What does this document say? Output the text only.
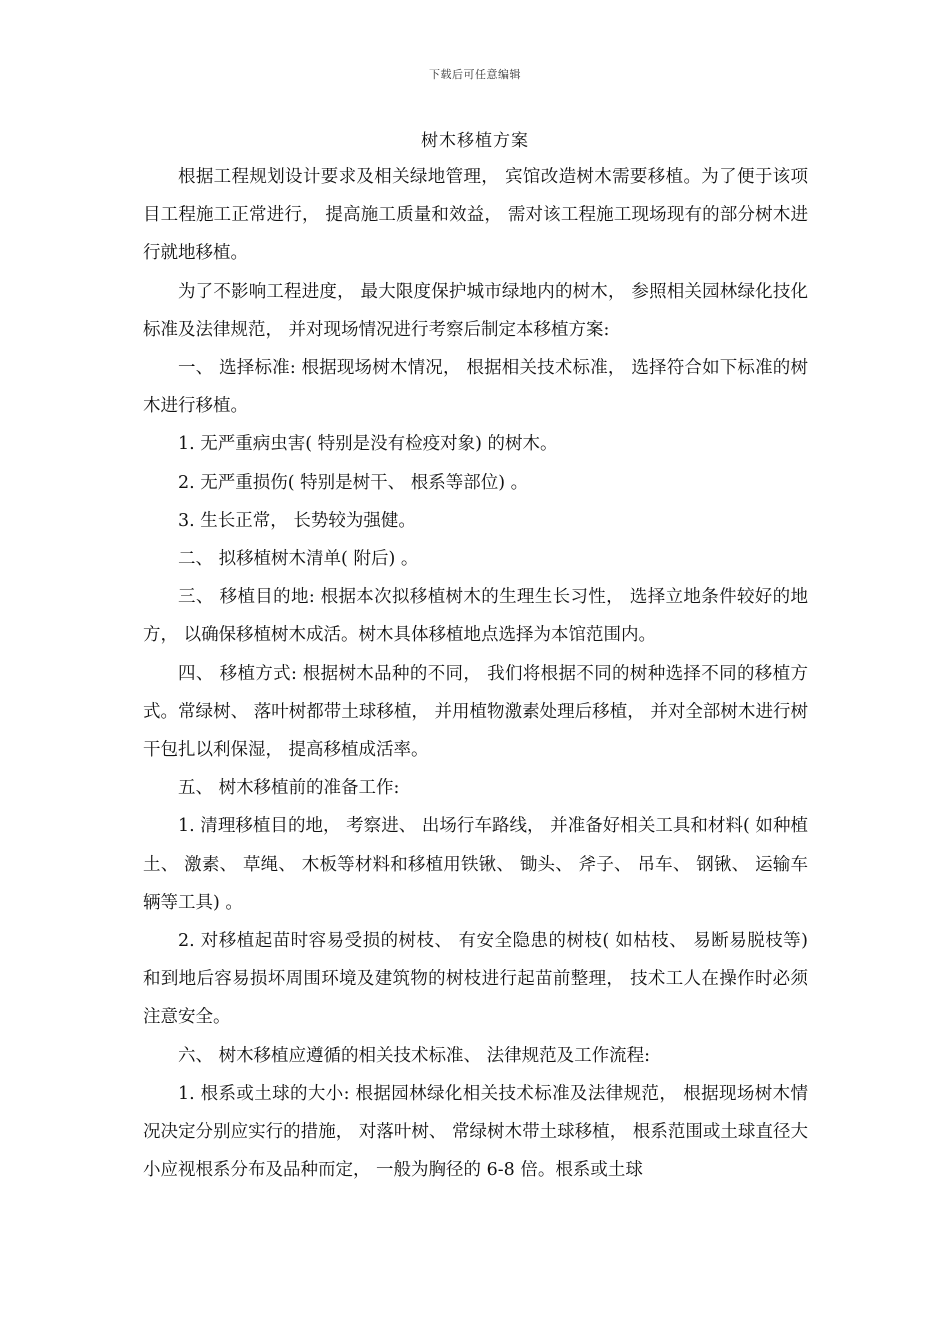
下载后可任意编辑
树木移植方案

根据工程规划设计要求及相关绿地管理， 宾馆改造树木需要移植。为了便于该项目工程施工正常进行， 提高施工质量和效益， 需对该工程施工现场现有的部分树木进行就地移植。

为了不影响工程进度， 最大限度保护城市绿地内的树木， 参照相关园林绿化技化标准及法律规范， 并对现场情况进行考察后制定本移植方案:

一、 选择标准: 根据现场树木情况， 根据相关技术标准， 选择符合如下标准的树木进行移植。

1. 无严重病虫害( 特别是没有检疫对象) 的树木。

2. 无严重损伤( 特别是树干、 根系等部位) 。

3. 生长正常， 长势较为强健。

二、 拟移植树木清单( 附后) 。

三、 移植目的地: 根据本次拟移植树木的生理生长习性， 选择立地条件较好的地方， 以确保移植树木成活。树木具体移植地点选择为本馆范围内。

四、 移植方式: 根据树木品种的不同， 我们将根据不同的树种选择不同的移植方式。常绿树、 落叶树都带土球移植， 并用植物激素处理后移植， 并对全部树木进行树干包扎以利保湿， 提高移植成活率。

五、 树木移植前的准备工作:

1. 清理移植目的地， 考察进、 出场行车路线， 并准备好相关工具和材料( 如种植土、 激素、 草绳、 木板等材料和移植用铁锹、 锄头、 斧子、 吊车、 钢锹、 运输车辆等工具) 。

2. 对移植起苗时容易受损的树枝、 有安全隐患的树枝( 如枯枝、 易断易脱枝等) 和到地后容易损坏周围环境及建筑物的树枝进行起苗前整理， 技术工人在操作时必须注意安全。

六、 树木移植应遵循的相关技术标准、 法律规范及工作流程:

1. 根系或土球的大小: 根据园林绿化相关技术标准及法律规范， 根据现场树木情况决定分别应实行的措施， 对落叶树、 常绿树木带土球移植， 根系范围或土球直径大小应视根系分布及品种而定， 一般为胸径的 6-8 倍。根系或土球
